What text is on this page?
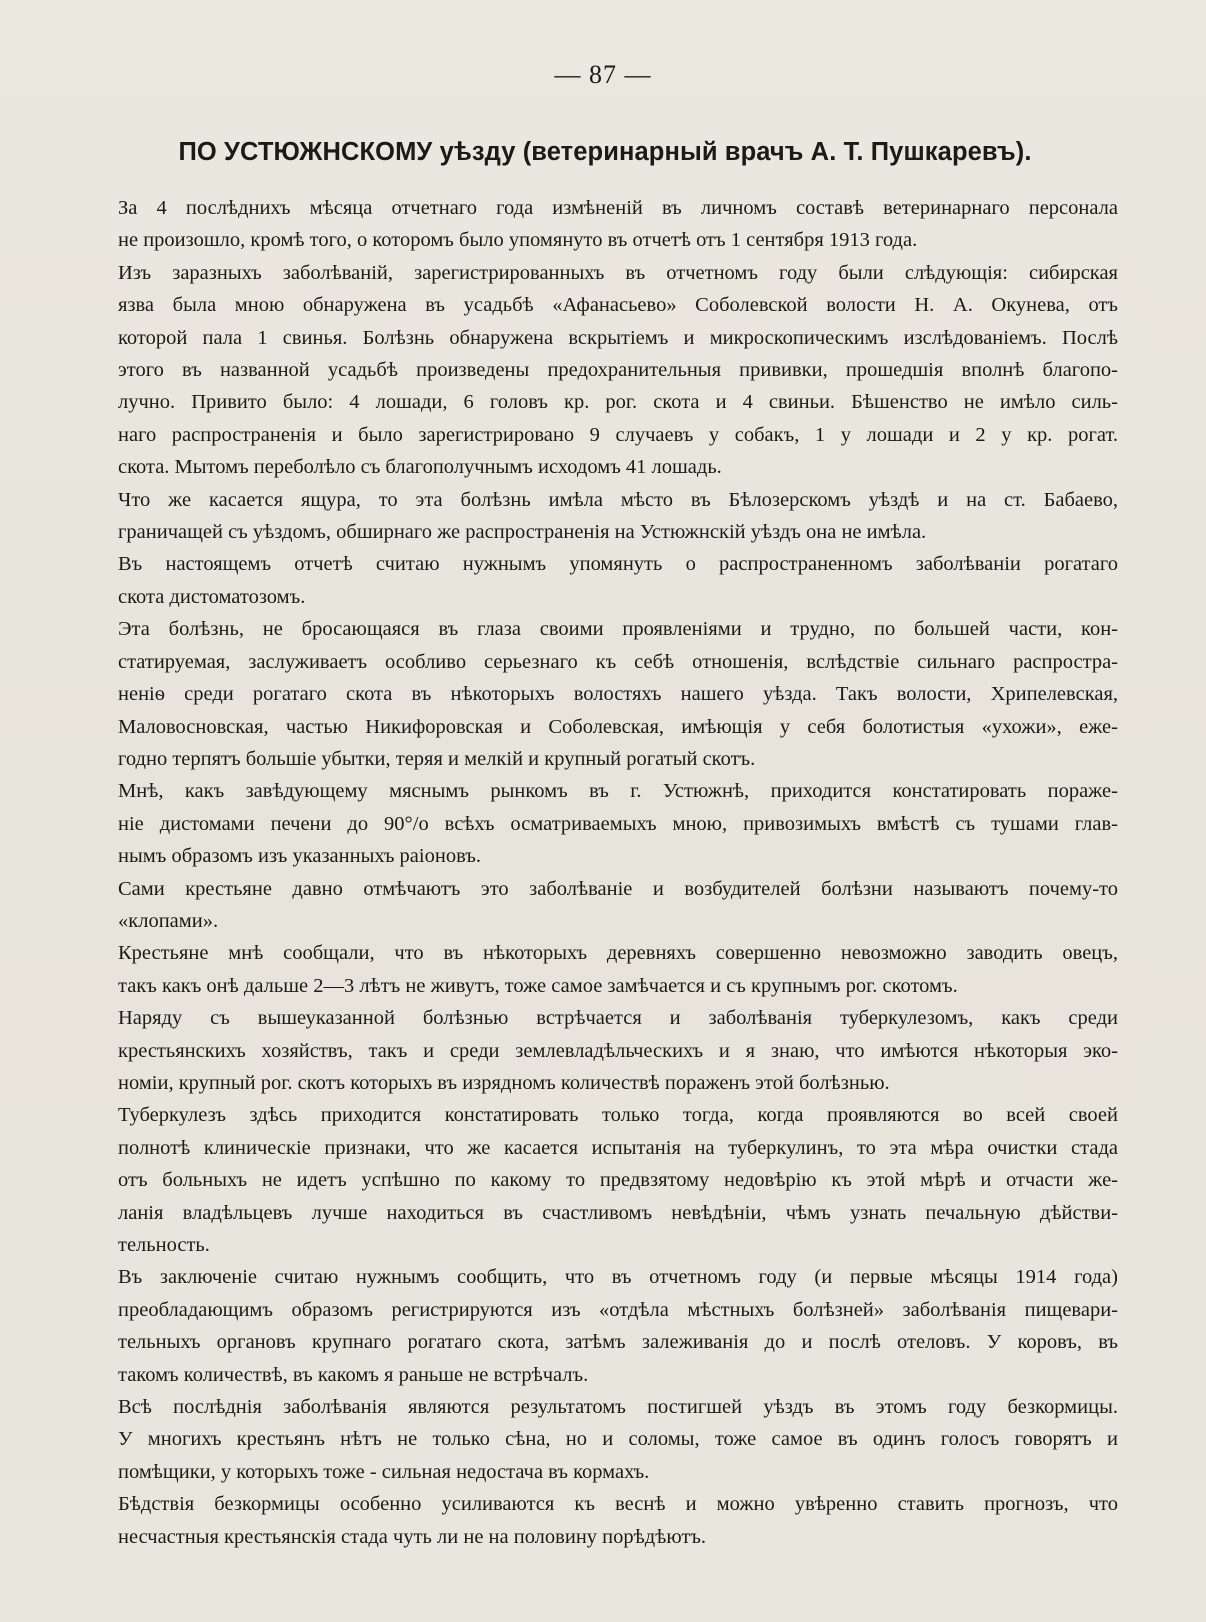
— 87 —
ПО УСТЮЖНСКОМУ уѣзду (ветеринарный врачъ А. Т. Пушкаревъ).
За 4 послѣднихъ мѣсяца отчетнаго года измѣненій въ личномъ составѣ ветеринарнаго персонала
не произошло, кромѣ того, о которомъ было упомянуто въ отчетѣ отъ 1 сентября 1913 года.
Изъ заразныхъ заболѣваній, зарегистрированныхъ въ отчетномъ году были слѣдующія: сибирская
язва была мною обнаружена въ усадьбѣ «Афанасьево» Соболевской волости Н. А. Окунева, отъ
которой пала 1 свинья. Болѣзнь обнаружена вскрытіемъ и микроскопическимъ изслѣдованіемъ. Послѣ
этого въ названной усадьбѣ произведены предохранительныя прививки, прошедшія вполнѣ благопо-
лучно. Привито было: 4 лошади, 6 головъ кр. рог. скота и 4 свиньи. Бѣшенство не имѣло силь-
наго распространенія и было зарегистрировано 9 случаевъ у собакъ, 1 у лошади и 2 у кр. рогат.
скота. Мытомъ переболѣло съ благополучнымъ исходомъ 41 лошадь.
Что же касается ящура, то эта болѣзнь имѣла мѣсто въ Бѣлозерскомъ уѣздѣ и на ст. Бабаево,
граничащей съ уѣздомъ, обширнаго же распространенія на Устюжнскій уѣздъ она не имѣла.
Въ настоящемъ отчетѣ считаю нужнымъ упомянуть о распространенномъ заболѣваніи рогатаго
скота дистоматозомъ.
Эта болѣзнь, не бросающаяся въ глаза своими проявленіями и трудно, по большей части, кон-
статируемая, заслуживаетъ особливо серьезнаго къ себѣ отношенія, вслѣдствіе сильнаго распростра-
неніѳ среди рогатаго скота въ нѣкоторыхъ волостяхъ нашего уѣзда. Такъ волости, Хрипелевская,
Маловосновская, частью Никифоровская и Соболевская, имѣющія у себя болотистыя «ухожи», еже-
годно терпятъ большіе убытки, теряя и мелкій и крупный рогатый скотъ.
Мнѣ, какъ завѣдующему мяснымъ рынкомъ въ г. Устюжнѣ, приходится констатировать пораже-
ніе дистомами печени до 90°/о всѣхъ осматриваемыхъ мною, привозимыхъ вмѣстѣ съ тушами глав-
нымъ образомъ изъ указанныхъ раіоновъ.
Сами крестьяне давно отмѣчаютъ это заболѣваніе и возбудителей болѣзни называютъ почему-то
«клопами».
Крестьяне мнѣ сообщали, что въ нѣкоторыхъ деревняхъ совершенно невозможно заводить овецъ,
такъ какъ онѣ дальше 2—3 лѣтъ не живутъ, тоже самое замѣчается и съ крупнымъ рог. скотомъ.
Наряду съ вышеуказанной болѣзнью встрѣчается и заболѣванія туберкулезомъ, какъ среди
крестьянскихъ хозяйствъ, такъ и среди землевладѣльческихъ и я знаю, что имѣются нѣкоторыя эко-
номіи, крупный рог. скотъ которыхъ въ изрядномъ количествѣ пораженъ этой болѣзнью.
Туберкулезъ здѣсь приходится констатировать только тогда, когда проявляются во всей своей
полнотѣ клиническіе признаки, что же касается испытанія на туберкулинъ, то эта мѣра очистки стада
отъ больныхъ не идетъ успѣшно по какому то предвзятому недовѣрію къ этой мѣрѣ и отчасти же-
ланія владѣльцевъ лучше находиться въ счастливомъ невѣдѣніи, чѣмъ узнать печальную дѣйстви-
тельность.
Въ заключеніе считаю нужнымъ сообщить, что въ отчетномъ году (и первые мѣсяцы 1914 года)
преобладающимъ образомъ регистрируются изъ «отдѣла мѣстныхъ болѣзней» заболѣванія пищевари-
тельныхъ органовъ крупнаго рогатаго скота, затѣмъ залеживанія до и послѣ отеловъ. У коровъ, въ
такомъ количествѣ, въ какомъ я раньше не встрѣчалъ.
Всѣ послѣднія заболѣванія являются результатомъ постигшей уѣздъ въ этомъ году безкормицы.
У многихъ крестьянъ нѣтъ не только сѣна, но и соломы, тоже самое въ одинъ голосъ говорятъ и
помѣщики, у которыхъ тоже - сильная недостача въ кормахъ.
Бѣдствія безкормицы особенно усиливаются къ веснѣ и можно увѣренно ставить прогнозъ, что
несчастныя крестьянскія стада чуть ли не на половину порѣдѣютъ.
